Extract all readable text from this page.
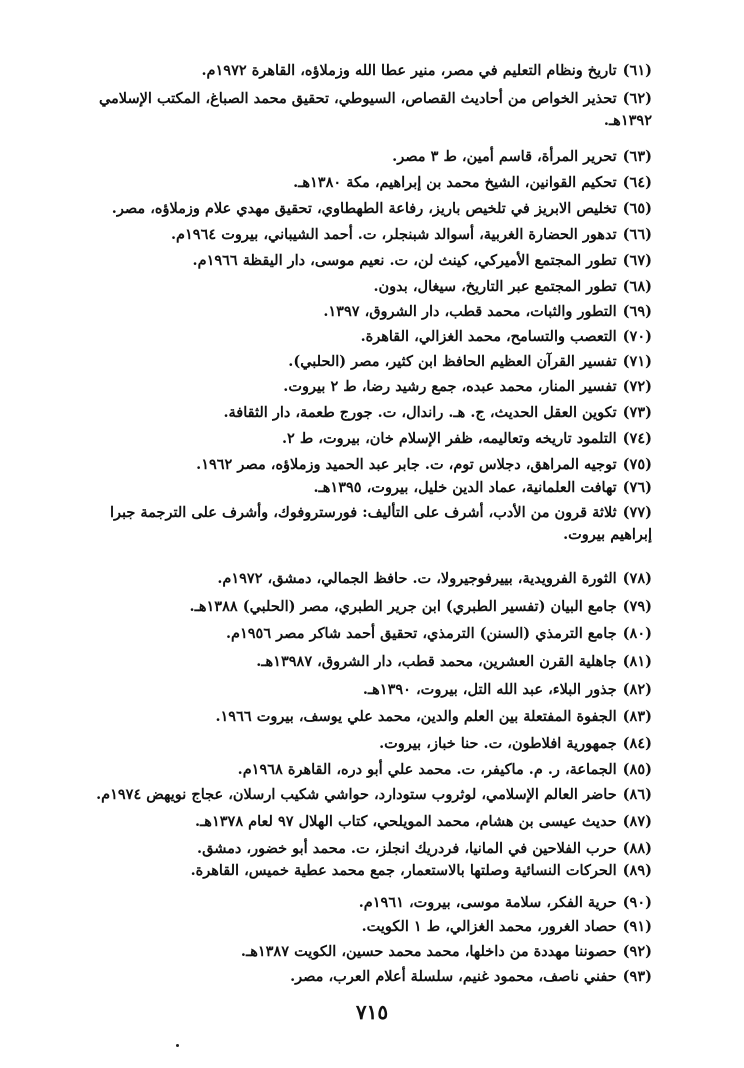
(٦١)تاريخ ونظام التعليم في مصر، منير عطا الله وزملاؤه، القاهرة ١٩٧٢م.
(٦٢)تحذير الخواص من أحاديث القصاص، السيوطي، تحقيق محمد الصباغ، المكتب الإسلامي ١٣٩٢هـ.
(٦٣)تحرير المرأة، قاسم أمين، ط ٣ مصر.
(٦٤)تحكيم القوانين، الشيخ محمد بن إبراهيم، مكة ١٣٨٠هـ.
(٦٥)تخليص الابريز في تلخيص باريز، رفاعة الطهطاوي، تحقيق مهدي علام وزملاؤه، مصر.
(٦٦)تدهور الحضارة الغربية، أسوالد شبنجلر، ت. أحمد الشيباني، بيروت ١٩٦٤م.
(٦٧)تطور المجتمع الأميركي، كينث لن، ت. نعيم موسى، دار اليقظة ١٩٦٦م.
(٦٨)تطور المجتمع عبر التاريخ، سيغال، بدون.
(٦٩)التطور والثبات، محمد قطب، دار الشروق، ١٣٩٧.
(٧٠)التعصب والتسامح، محمد الغزالي، القاهرة.
(٧١)تفسير القرآن العظيم الحافظ ابن كثير، مصر (الحلبي).
(٧٢)تفسير المنار، محمد عبده، جمع رشيد رضا، ط ٢ بيروت.
(٧٣)تكوين العقل الحديث، ج. هـ. راندال، ت. جورج طعمة، دار الثقافة.
(٧٤)التلمود تاريخه وتعاليمه، ظفر الإسلام خان، بيروت، ط ٢.
(٧٥)توجيه المراهق، دجلاس توم، ت. جابر عبد الحميد وزملاؤه، مصر ١٩٦٢.
(٧٦)تهافت العلمانية، عماد الدين خليل، بيروت، ١٣٩٥هـ.
(٧٧)ثلاثة قرون من الأدب، أشرف على التأليف: فورستروفوك، وأشرف على الترجمة جبرا إبراهيم بيروت.
(٧٨)الثورة الفرويدية، بييرفوجيرولا، ت. حافظ الجمالي، دمشق، ١٩٧٢م.
(٧٩)جامع البيان (تفسير الطبري) ابن جرير الطبري، مصر (الحلبي) ١٣٨٨هـ.
(٨٠)جامع الترمذي (السنن) الترمذي، تحقيق أحمد شاكر مصر ١٩٥٦م.
(٨١)جاهلية القرن العشرين، محمد قطب، دار الشروق، ١٣٩٨٧هـ.
(٨٢)جذور البلاء، عبد الله التل، بيروت، ١٣٩٠هـ.
(٨٣)الجفوة المفتعلة بين العلم والدين، محمد علي يوسف، بيروت ١٩٦٦.
(٨٤)جمهورية افلاطون، ت. حنا خباز، بيروت.
(٨٥)الجماعة، ر. م. ماكيفر، ت. محمد علي أبو دره، القاهرة ١٩٦٨م.
(٨٦)حاضر العالم الإسلامي، لوثروب ستودارد، حواشي شكيب ارسلان، عجاج نويهض ١٩٧٤م.
(٨٧)حديث عيسى بن هشام، محمد المويلحي، كتاب الهلال ٩٧ لعام ١٣٧٨هـ.
(٨٨)حرب الفلاحين في المانيا، فردريك انجلز، ت. محمد أبو خضور، دمشق.
(٨٩)الحركات النسائية وصلتها بالاستعمار، جمع محمد عطية خميس، القاهرة.
(٩٠)حرية الفكر، سلامة موسى، بيروت، ١٩٦١م.
(٩١)حصاد الغرور، محمد الغزالي، ط ١ الكويت.
(٩٢)حصوننا مهددة من داخلها، محمد محمد حسين، الكويت ١٣٨٧هـ.
(٩٣)حفني ناصف، محمود غنيم، سلسلة أعلام العرب، مصر.
٧١٥
